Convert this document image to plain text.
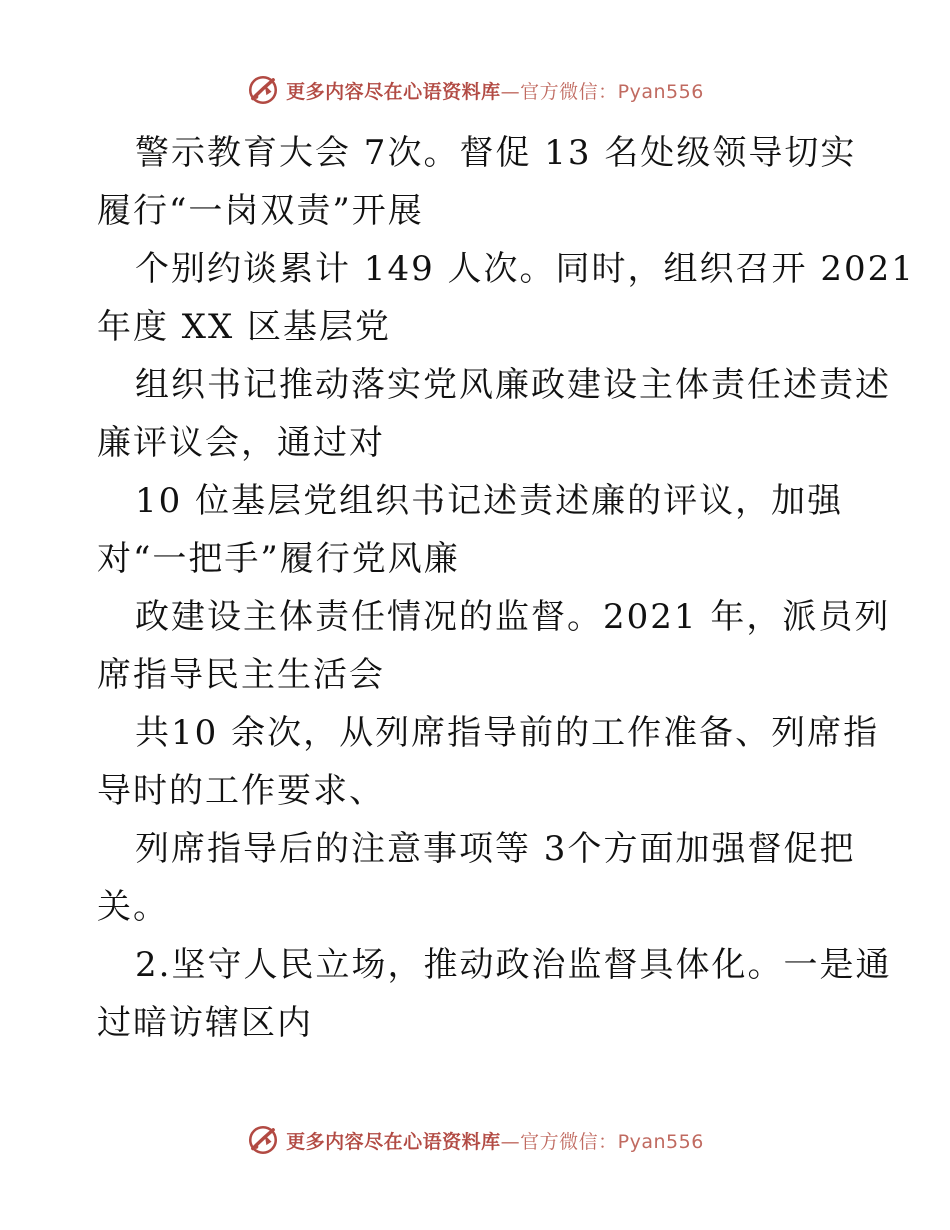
更多内容尽在心语资料库—官方微信：Pyan556
警示教育大会 7次。督促 13 名处级领导切实
履行“一岗双责”开展
个别约谈累计 149 人次。同时，组织召开 2021
年度 XX 区基层党
组织书记推动落实党风廉政建设主体责任述责述
廉评议会，通过对
10 位基层党组织书记述责述廉的评议，加强
对“一把手”履行党风廉
政建设主体责任情况的监督。2021 年，派员列
席指导民主生活会
共10 余次，从列席指导前的工作准备、列席指
导时的工作要求、
列席指导后的注意事项等 3个方面加强督促把
关。
2.坚守人民立场，推动政治监督具体化。一是通
过暗访辖区内
更多内容尽在心语资料库—官方微信：Pyan556
